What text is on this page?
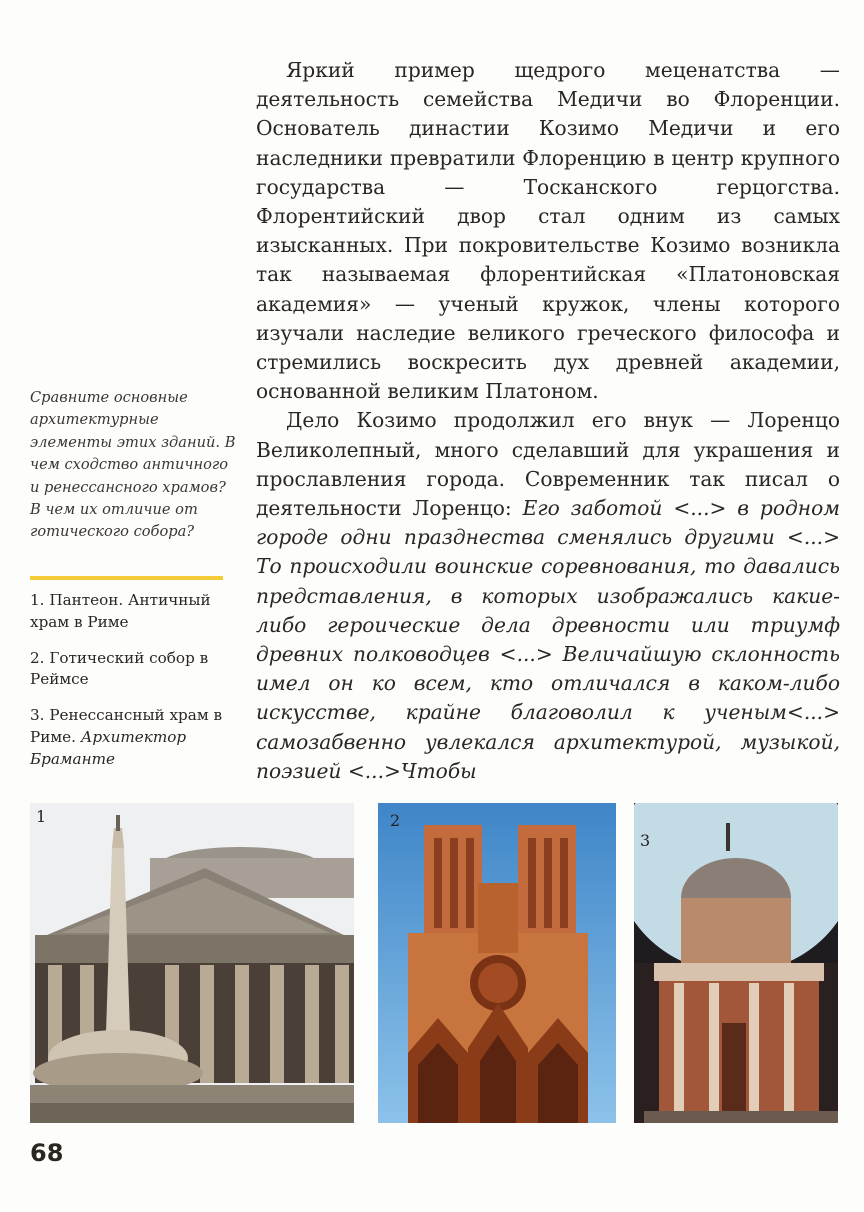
Яркий пример щедрого меценатства — деятельность семейства Медичи во Флоренции. Основатель династии Козимо Медичи и его наследники превратили Флоренцию в центр крупного государства — Тосканского герцогства. Флорентийский двор стал одним из самых изысканных. При покровительстве Козимо возникла так называемая флорентийская «Платоновская академия» — ученый кружок, члены которого изучали наследие великого греческого философа и стремились воскресить дух древней академии, основанной великим Платоном.

Дело Козимо продолжил его внук — Лоренцо Великолепный, много сделавший для украшения и прославления города. Современник так писал о деятельности Лоренцо: Его заботой <...> в родном городе одни празднества сменялись другими <...> То происходили воинские соревнования, то давались представления, в которых изображались какие-либо героические дела древности или триумф древних полководцев <...> Величайшую склонность имел он ко всем, кто отличался в каком-либо искусстве, крайне благоволил к ученым<...> самозабвенно увлекался архитектурой, музыкой, поэзией <...>Чтобы

Сравните основные архитектурные элементы этих зданий. В чем сходство античного и ренессансного храмов? В чем их отличие от готического собора?
1. Пантеон. Античный храм в Риме
2. Готический собор в Реймсе
3. Ренессансный храм в Риме. Архитектор Браманте
1	2
3
68
